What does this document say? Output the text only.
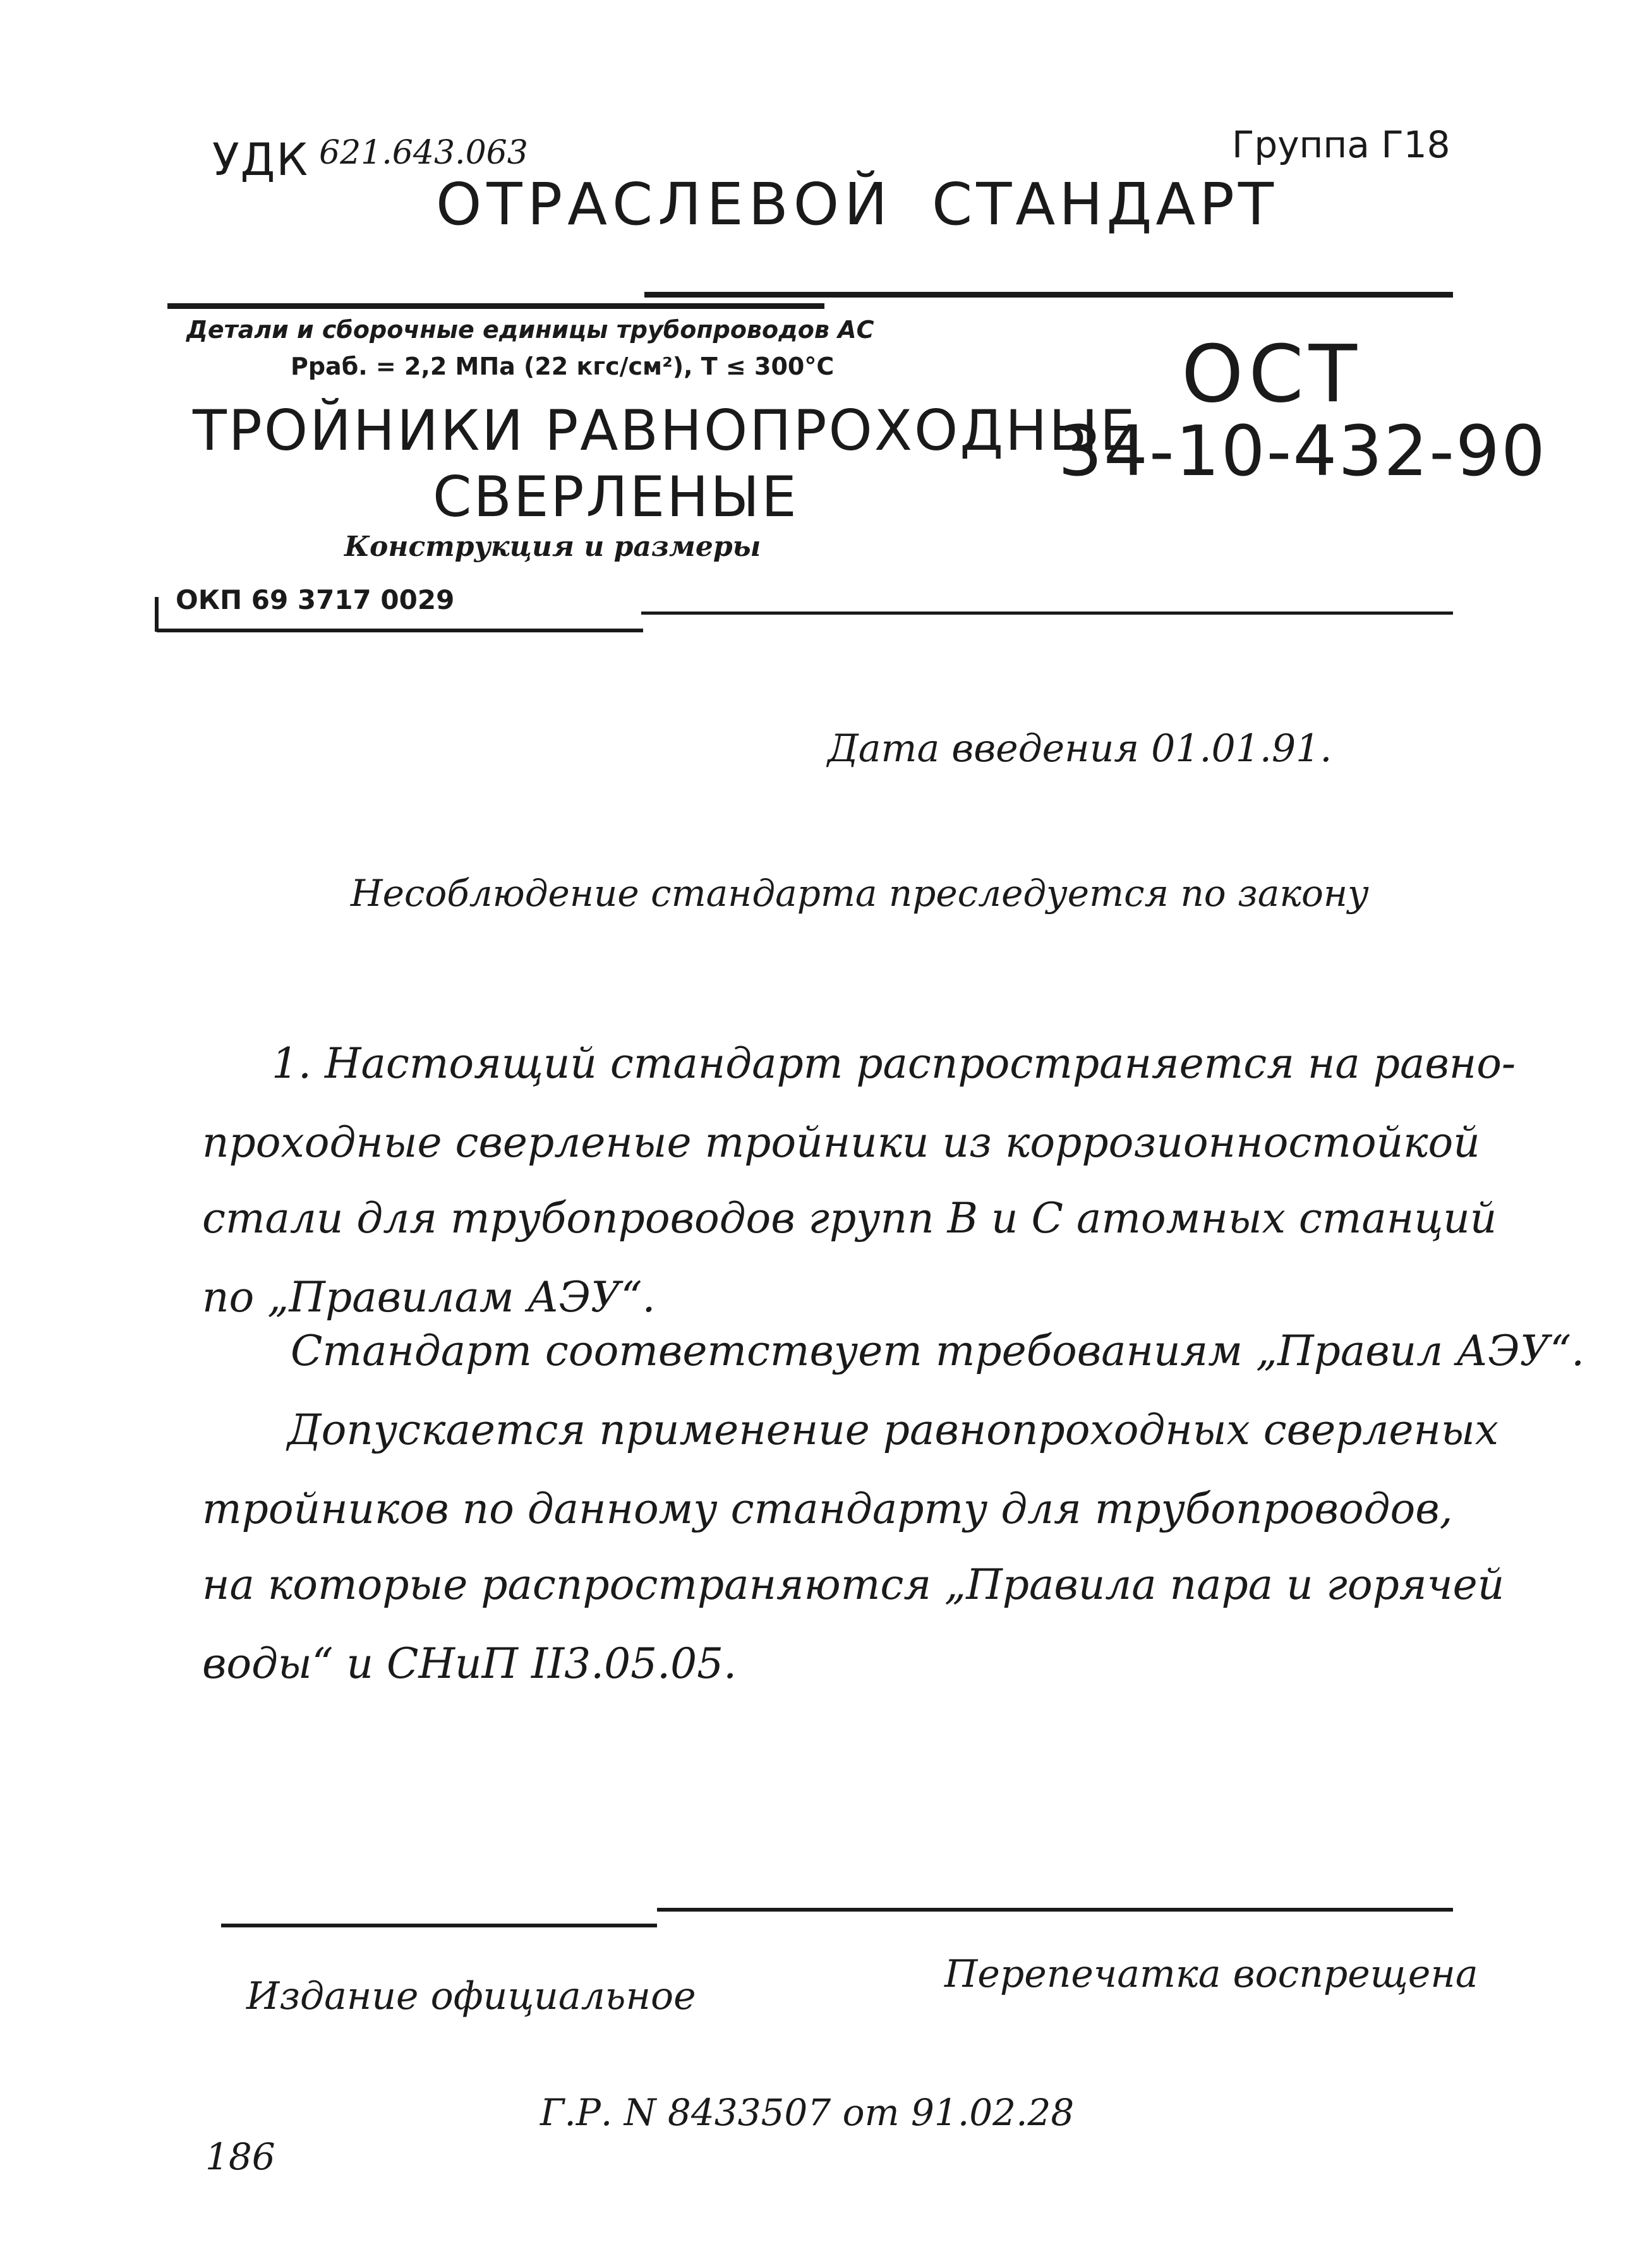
УДК 621.643.063	Группа Г18
ОТРАСЛЕВОЙ СТАНДАРТ
Детали и сборочные единицы трубопроводов АС
Рраб. = 2,2 МПа (22 кгс/см²), Т ≤ 300°С
ТРОЙНИКИ РАВНОПРОХОДНЫЕ
СВЕРЛЕНЫЕ
Конструкция и размеры
ОКП 69 3717 0029
ОСТ
34-10-432-90
Дата введения 01.01.91.
Несоблюдение стандарта преследуется по закону
1. Настоящий стандарт распространяется на равно-
проходные сверленые тройники из коррозионностойкой
стали для трубопроводов групп В и С атомных станций
по „Правилам АЭУ“.
Стандарт соответствует требованиям „Правил АЭУ“.
Допускается применение равнопроходных сверленых
тройников по данному стандарту для трубопроводов,
на которые распространяются „Правила пара и горячей
воды“ и СНиП II3.05.05.
Издание официальное	Перепечатка воспрещена
Г.Р. N 8433507 от 91.02.28
186
